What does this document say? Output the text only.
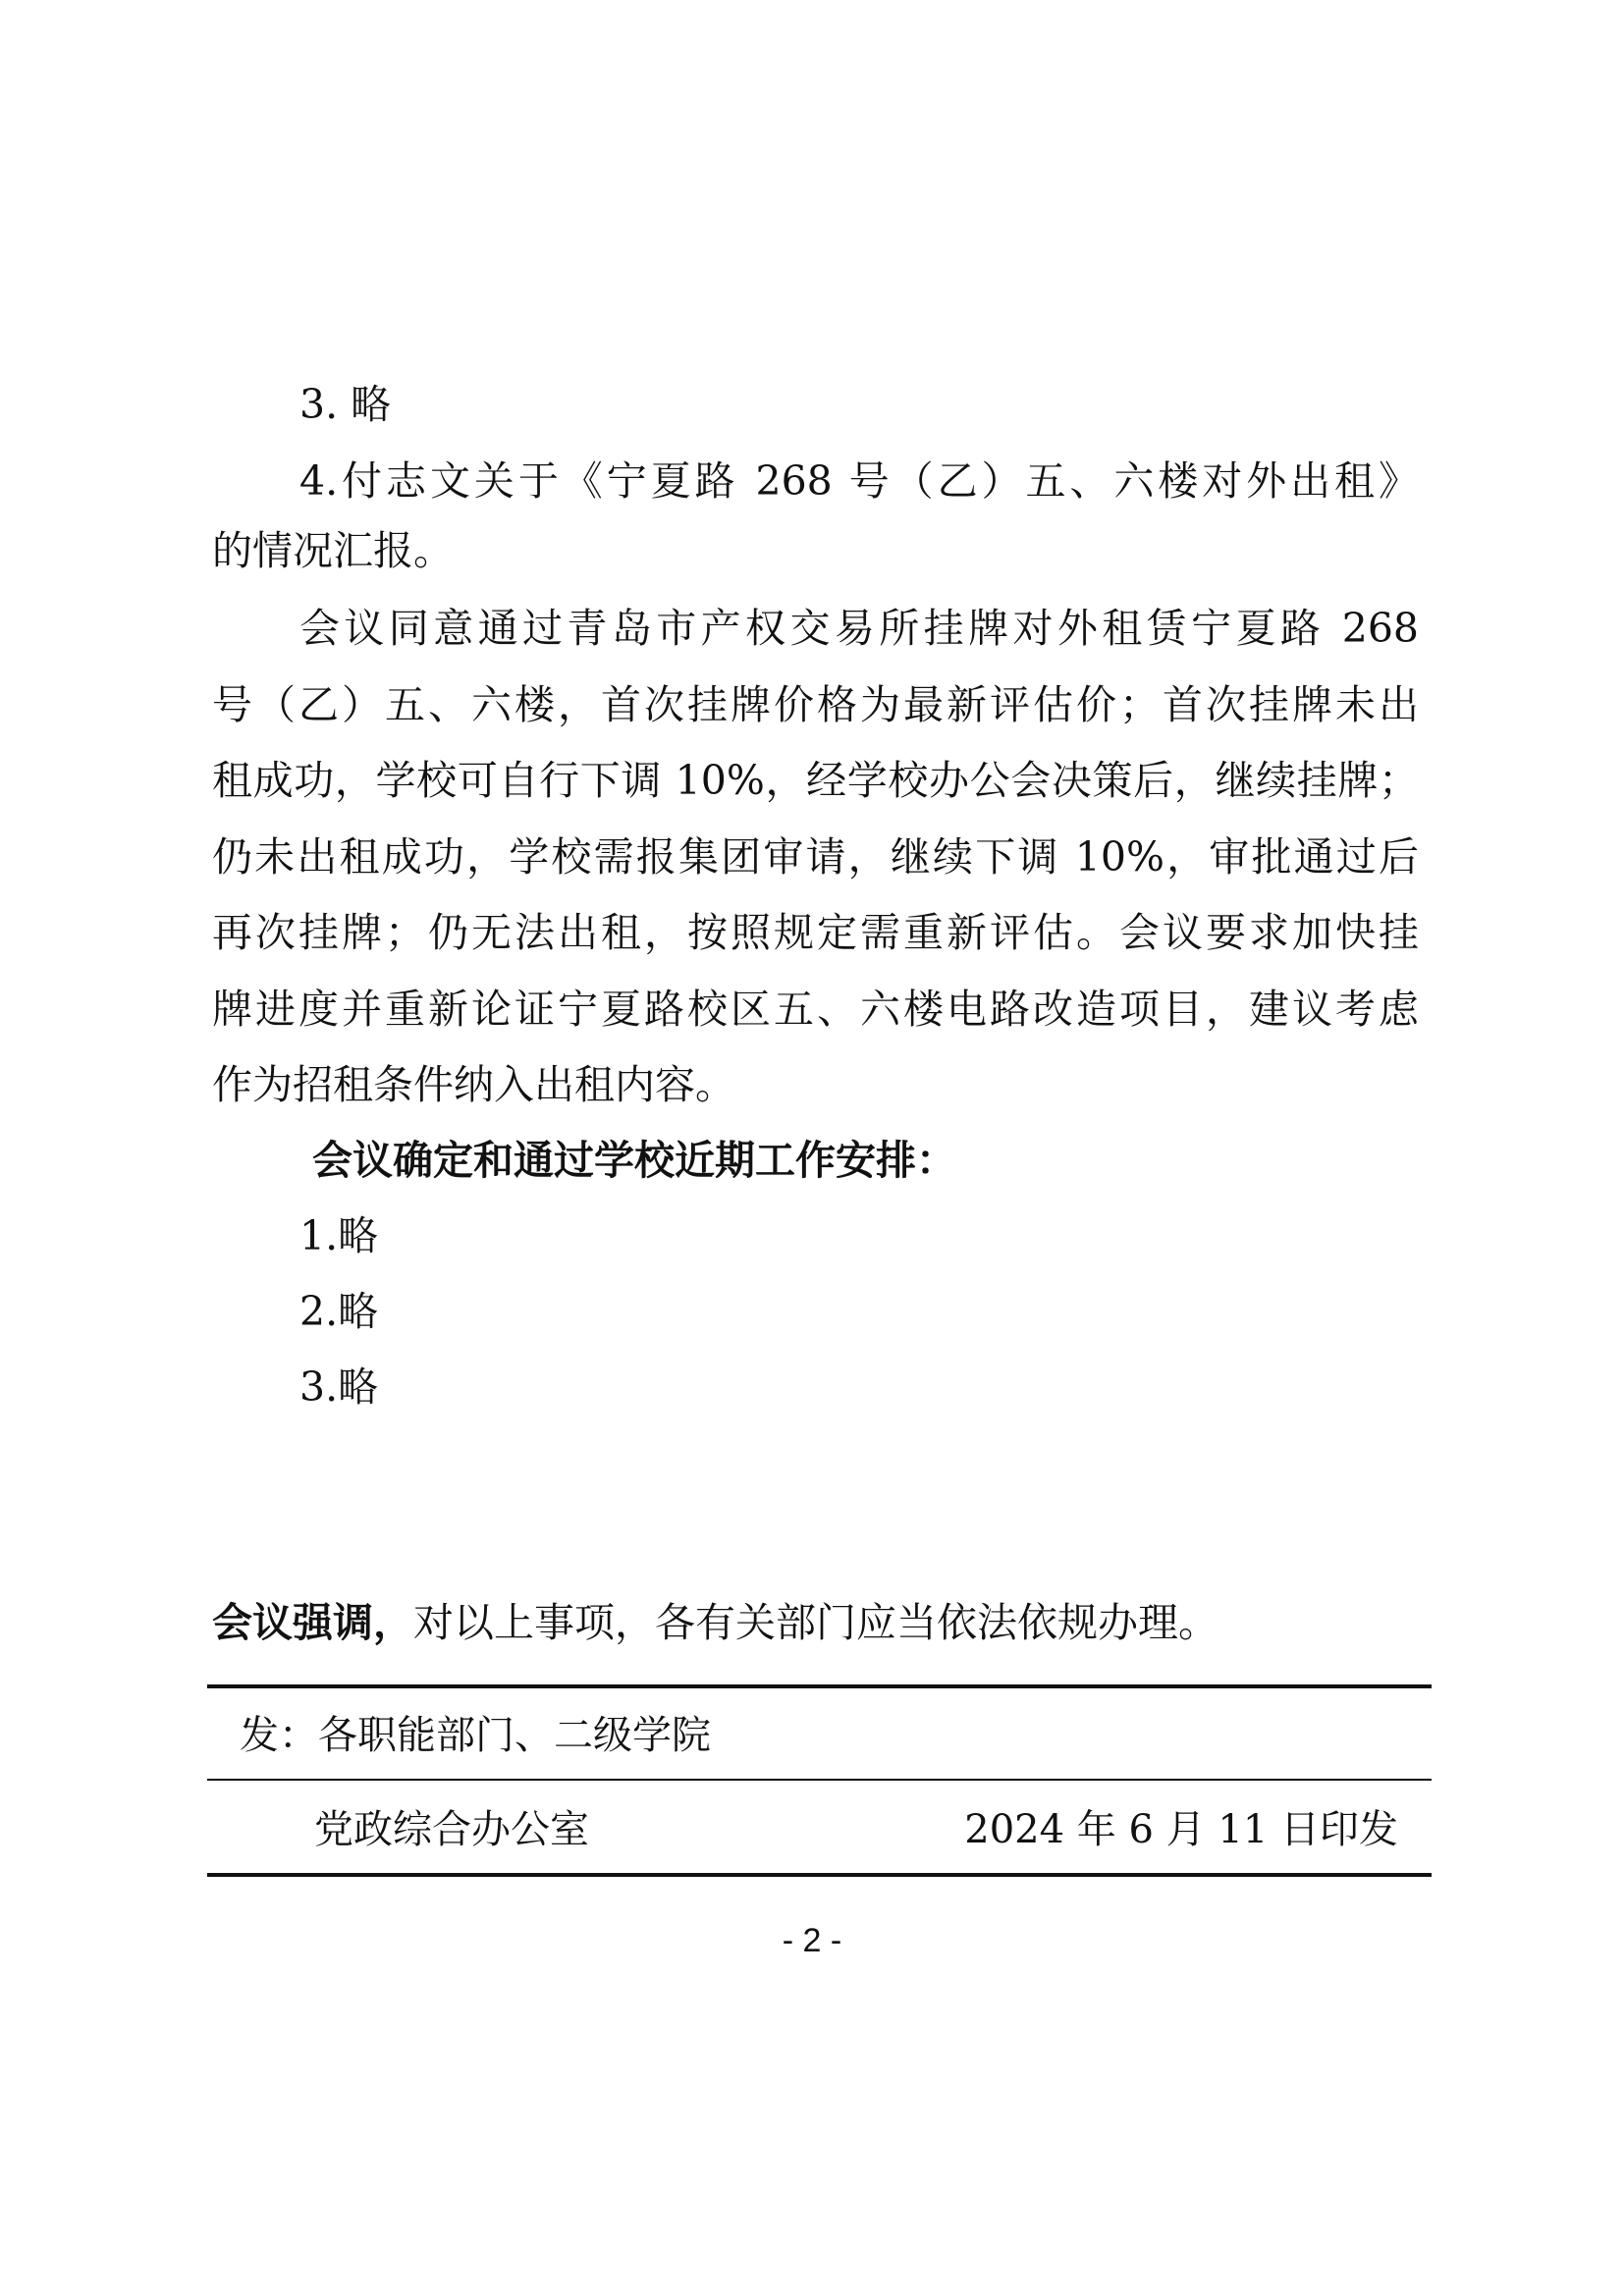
3. 略
4.付志文关于《宁夏路 268 号（乙）五、六楼对外出租》
的情况汇报。
会议同意通过青岛市产权交易所挂牌对外租赁宁夏路 268
号（乙）五、六楼，首次挂牌价格为最新评估价；首次挂牌未出
租成功，学校可自行下调 10%，经学校办公会决策后，继续挂牌；
仍未出租成功，学校需报集团审请，继续下调 10%，审批通过后
再次挂牌；仍无法出租，按照规定需重新评估。会议要求加快挂
牌进度并重新论证宁夏路校区五、六楼电路改造项目，建议考虑
作为招租条件纳入出租内容。
会议确定和通过学校近期工作安排：
1.略
2.略
3.略
会议强调，对以上事项，各有关部门应当依法依规办理。
发：各职能部门、二级学院
党政综合办公室	2024 年 6 月 11 日印发
- 2 -
